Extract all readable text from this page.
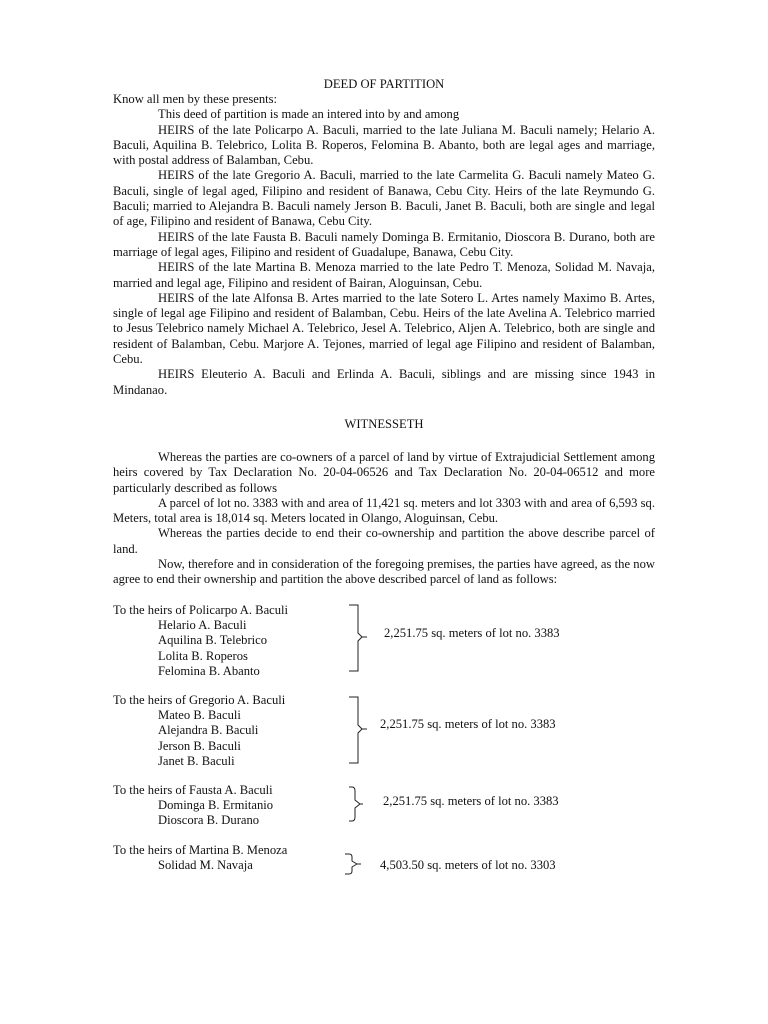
DEED OF PARTITION
Know all men by these presents:

This deed of partition is made an intered into by and among

HEIRS of the late Policarpo A. Baculi, married to the late Juliana M. Baculi namely; Helario A. Baculi, Aquilina B. Telebrico, Lolita B. Roperos, Felomina B. Abanto, both are legal ages and marriage, with postal address of Balamban, Cebu.

HEIRS of the late Gregorio A. Baculi, married to the late Carmelita G. Baculi namely Mateo G. Baculi, single of legal aged, Filipino and resident of Banawa, Cebu City. Heirs of the late Reymundo G. Baculi; married to Alejandra B. Baculi namely Jerson B. Baculi, Janet B. Baculi, both are single and legal of age, Filipino and resident of Banawa, Cebu City.

HEIRS of the late Fausta B. Baculi namely Dominga B. Ermitanio, Dioscora B. Durano, both are marriage of legal ages, Filipino and resident of Guadalupe, Banawa, Cebu City.

HEIRS of the late Martina B. Menoza married to the late Pedro T. Menoza, Solidad M. Navaja, married and legal age, Filipino and resident of Bairan, Aloguinsan, Cebu.

HEIRS of the late Alfonsa B. Artes married to the late Sotero L. Artes namely Maximo B. Artes, single of legal age Filipino and resident of Balamban, Cebu. Heirs of the late Avelina A. Telebrico married to Jesus Telebrico namely Michael A. Telebrico, Jesel A. Telebrico, Aljen A. Telebrico, both are single and resident of Balamban, Cebu. Marjore A. Tejones, married of legal age Filipino and resident of Balamban, Cebu.

HEIRS Eleuterio A. Baculi and Erlinda A. Baculi, siblings and are missing since 1943 in Mindanao.

WITNESSETH

Whereas the parties are co-owners of a parcel of land by virtue of Extrajudicial Settlement among heirs covered by Tax Declaration No. 20-04-06526 and Tax Declaration No. 20-04-06512 and more particularly described as follows

A parcel of lot no. 3383 with and area of 11,421 sq. meters and lot 3303 with and area of 6,593 sq. Meters, total area is 18,014 sq. Meters located in Olango, Aloguinsan, Cebu.

Whereas the parties decide to end their co-ownership and partition the above describe parcel of land.

Now, therefore and in consideration of the foregoing premises, the parties have agreed, as the now agree to end their ownership and partition the above described parcel of land as follows:

To the heirs of Policarpo A. Baculi
Helario A. Baculi
Aquilina B. Telebrico
Lolita B. Roperos
Felomina B. Abanto
2,251.75 sq. meters of lot no. 3383
To the heirs of Gregorio A. Baculi
Mateo B. Baculi
Alejandra B. Baculi
Jerson B. Baculi
Janet B. Baculi
2,251.75 sq. meters of lot no. 3383
To the heirs of Fausta A. Baculi
Dominga B. Ermitanio
Dioscora B. Durano
2,251.75 sq. meters of lot no. 3383
To the heirs of Martina B. Menoza
Solidad M. Navaja	4,503.50 sq. meters of lot no. 3303
